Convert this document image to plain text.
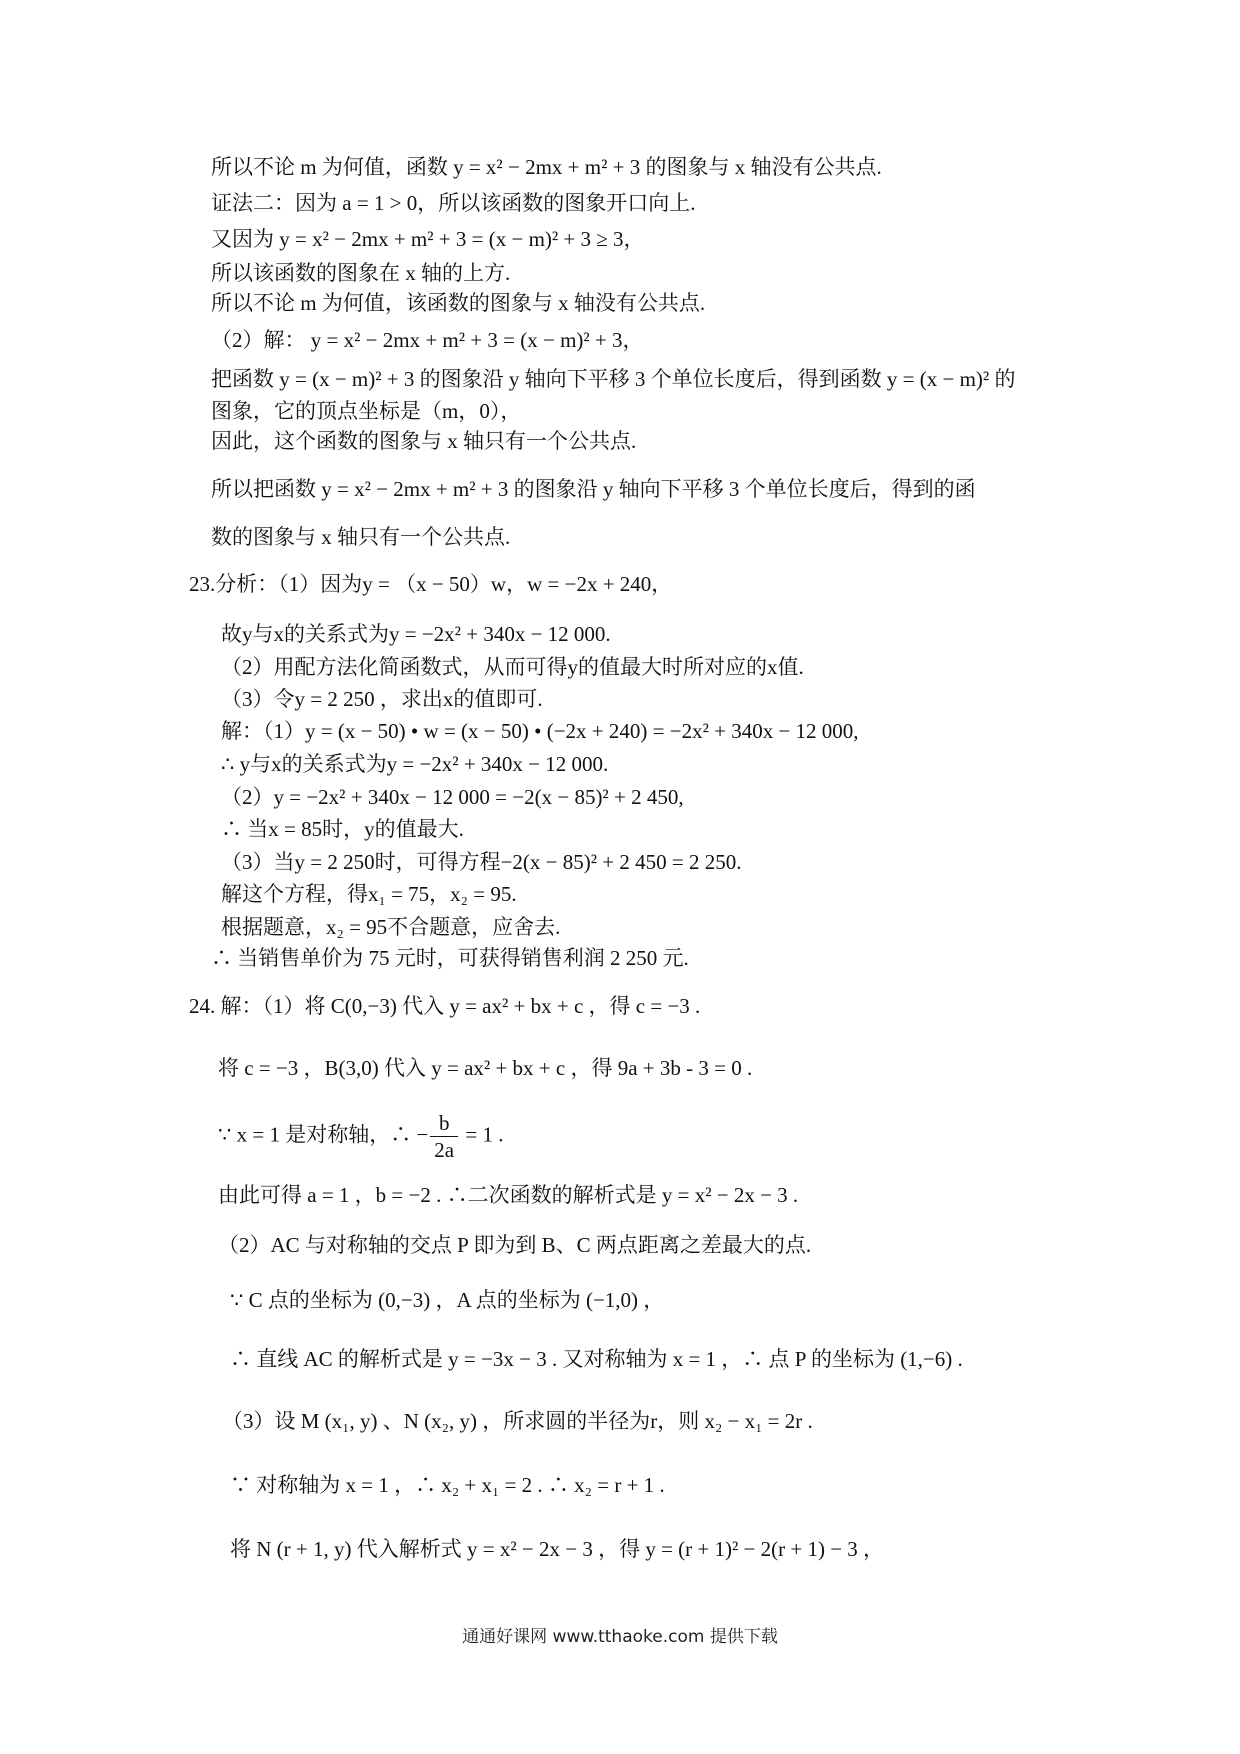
所以不论 m 为何值，函数 y = x² − 2mx + m² + 3 的图象与 x 轴没有公共点.
证法二：因为 a = 1 > 0，所以该函数的图象开口向上.
又因为 y = x² − 2mx + m² + 3 = (x − m)² + 3 ≥ 3，
所以该函数的图象在 x 轴的上方.
所以不论 m 为何值，该函数的图象与 x 轴没有公共点.
（2）解： y = x² − 2mx + m² + 3 = (x − m)² + 3，
把函数 y = (x − m)² + 3 的图象沿 y 轴向下平移 3 个单位长度后，得到函数 y = (x − m)² 的
图象，它的顶点坐标是（m，0），
因此，这个函数的图象与 x 轴只有一个公共点.
所以把函数 y = x² − 2mx + m² + 3 的图象沿 y 轴向下平移 3 个单位长度后，得到的函
数的图象与 x 轴只有一个公共点.
23.分析：（1）因为y = （x − 50）w，w = −2x + 240，
故y与x的关系式为y = −2x² + 340x − 12 000.
（2）用配方法化简函数式，从而可得y的值最大时所对应的x值.
（3）令y = 2 250 ，求出x的值即可.
解：（1）y = (x − 50) • w = (x − 50) • (−2x + 240) = −2x² + 340x − 12 000,
∴ y与x的关系式为y = −2x² + 340x − 12 000.
（2）y = −2x² + 340x − 12 000 = −2(x − 85)² + 2 450,
∴ 当x = 85时，y的值最大.
（3）当y = 2 250时，可得方程−2(x − 85)² + 2 450 = 2 250.
解这个方程，得x₁ = 75，x₂ = 95.
根据题意，x₂ = 95不合题意，应舍去.
∴ 当销售单价为 75 元时，可获得销售利润 2 250 元.
24. 解：（1）将 C(0,−3) 代入 y = ax² + bx + c ，得 c = −3 .
将 c = −3 ，B(3,0) 代入 y = ax² + bx + c ，得 9a + 3b - 3 = 0 .
∵ x = 1 是对称轴，∴ − $\frac{b}{2a} = 1$ .
由此可得 a = 1 ，b = −2 . ∴二次函数的解析式是 y = x² − 2x − 3 .
（2）AC 与对称轴的交点 P 即为到 B、C 两点距离之差最大的点.
∵ C 点的坐标为 (0,−3) ，A 点的坐标为 (−1,0) ，
∴ 直线 AC 的解析式是 y = −3x − 3 . 又对称轴为 x = 1 ，∴ 点 P 的坐标为 (1,−6) .
（3）设 M (x₁, y) 、N (x₂, y) ，所求圆的半径为r，则 x₂ − x₁ = 2r .
∵ 对称轴为 x = 1 ，∴ x₂ + x₁ = 2 . ∴ x₂ = r + 1 .
将 N (r + 1, y) 代入解析式 y = x² − 2x − 3 ，得 y = (r + 1)² − 2(r + 1) − 3 ，
通通好课网 www.tthaoke.com 提供下载
